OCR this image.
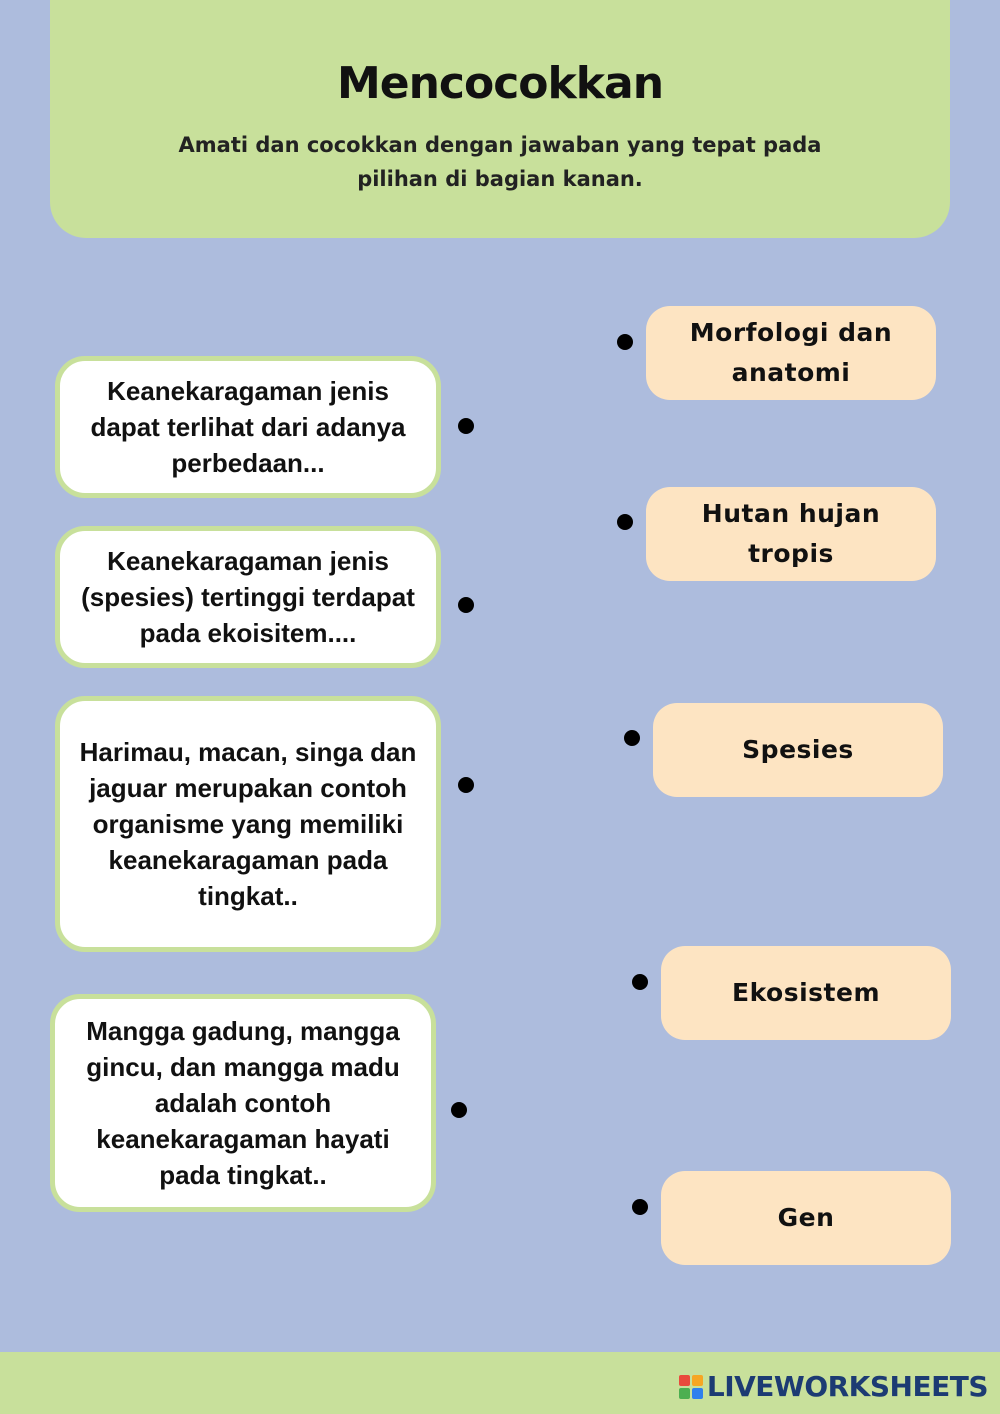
Mencocokkan
Amati dan cocokkan dengan jawaban yang tepat pada pilihan di bagian kanan.
Keanekaragaman jenis dapat terlihat dari adanya perbedaan...
Keanekaragaman jenis (spesies) tertinggi terdapat pada ekoisitem....
Harimau, macan, singa dan jaguar merupakan contoh organisme yang memiliki keanekaragaman pada tingkat..
Mangga gadung, mangga gincu, dan mangga madu adalah contoh keanekaragaman hayati pada tingkat..
Morfologi dan anatomi
Hutan hujan tropis
Spesies
Ekosistem
Gen
LIVEWORKSHEETS
